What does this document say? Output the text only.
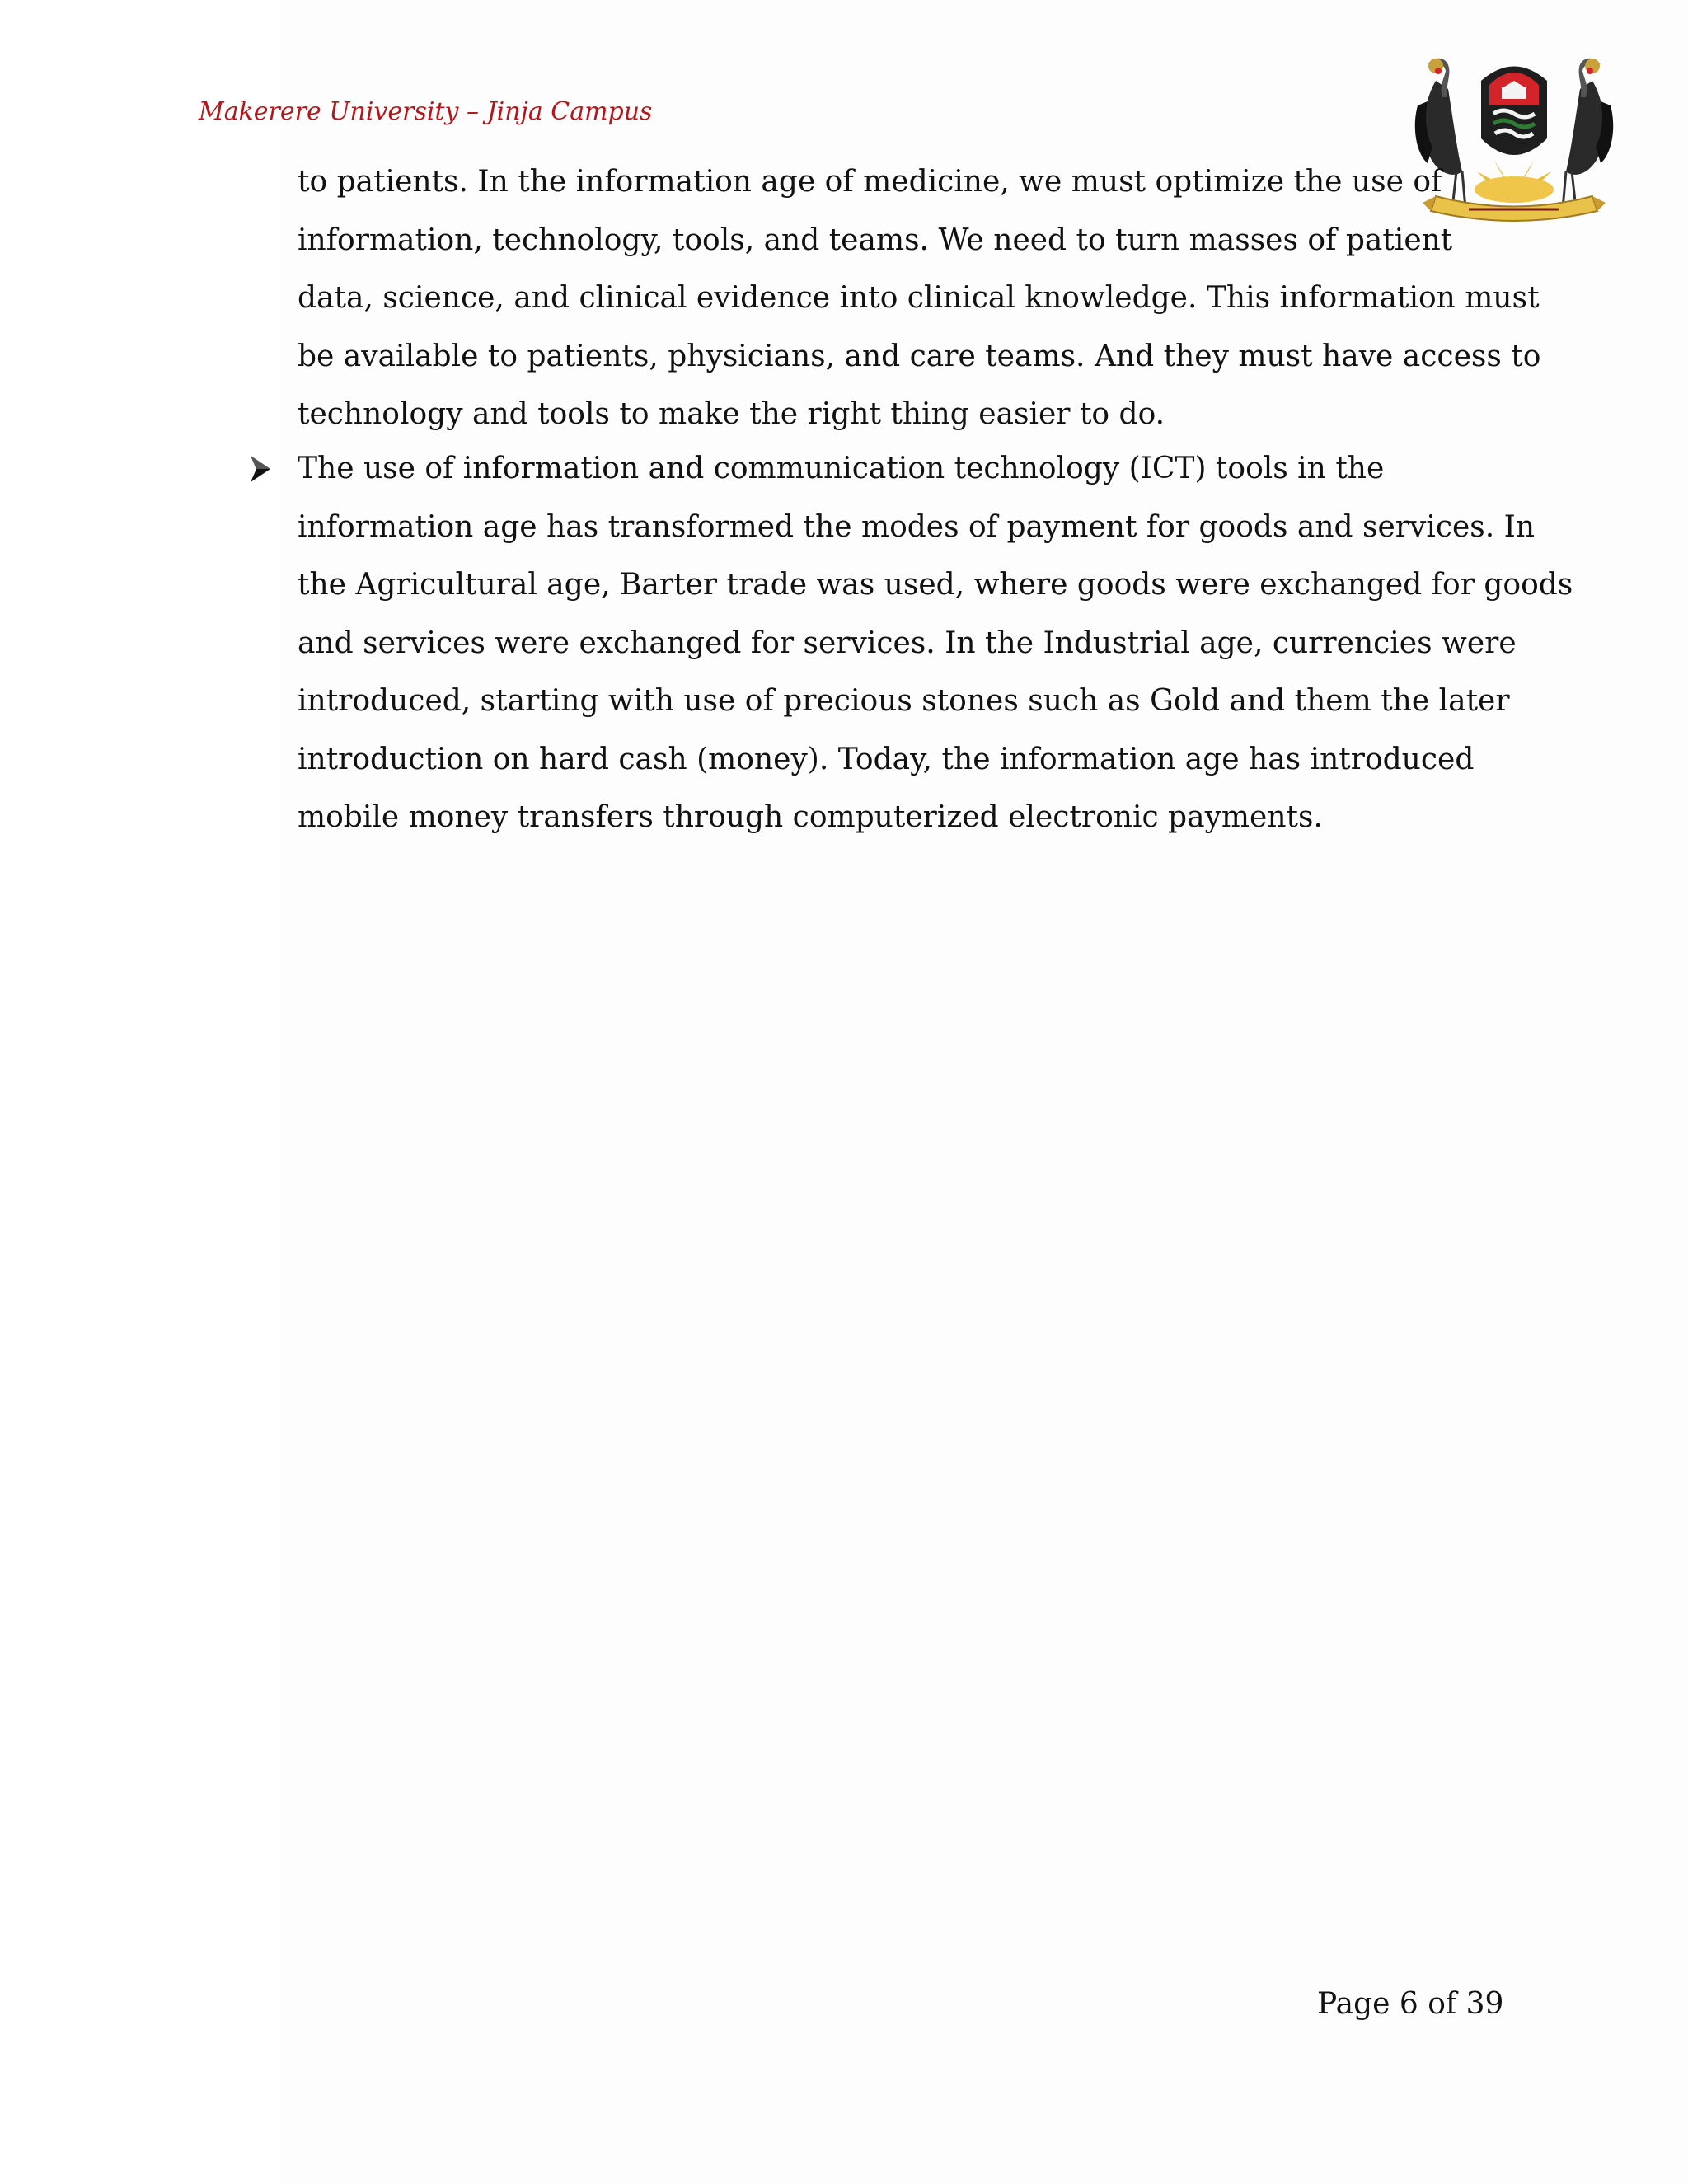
Makerere University – Jinja Campus
to patients. In the information age of medicine, we must optimize the use of
information, technology, tools, and teams. We need to turn masses of patient
data, science, and clinical evidence into clinical knowledge. This information must
be available to patients, physicians, and care teams. And they must have access to
technology and tools to make the right thing easier to do.
The use of information and communication technology (ICT) tools in the
information age has transformed the modes of payment for goods and services. In
the Agricultural age, Barter trade was used, where goods were exchanged for goods
and services were exchanged for services. In the Industrial age, currencies were
introduced, starting with use of precious stones such as Gold and them the later
introduction on hard cash (money). Today, the information age has introduced
mobile money transfers through computerized electronic payments.
Page 6 of 39
